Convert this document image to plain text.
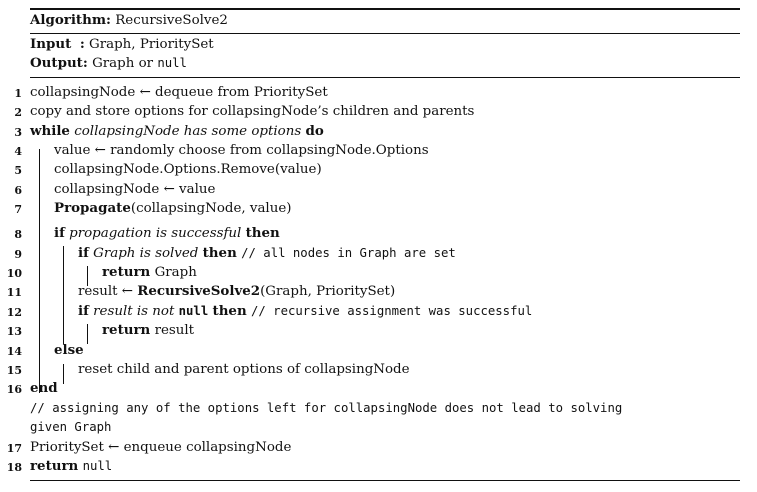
Algorithm: RecursiveSolve2
Input : Graph, PrioritySet
Output: Graph or null
1 collapsingNode ← dequeue from PrioritySet
2 copy and store options for collapsingNode’s children and parents
3 while collapsingNode has some options do
4 value ← randomly choose from collapsingNode.Options
5 collapsingNode.Options.Remove(value)
6 collapsingNode ← value
7 Propagate(collapsingNode, value)
8 if propagation is successful then
9	if Graph is solved then // all nodes in Graph are set
10	return Graph
11	result ← RecursiveSolve2(Graph, PrioritySet)
12	if result is not null then // recursive assignment was successful
13	return result
14 else
15	reset child and parent options of collapsingNode
16 end
// assigning any of the options left for collapsingNode does not lead to solving
given Graph
17 PrioritySet ← enqueue collapsingNode
18 return null
